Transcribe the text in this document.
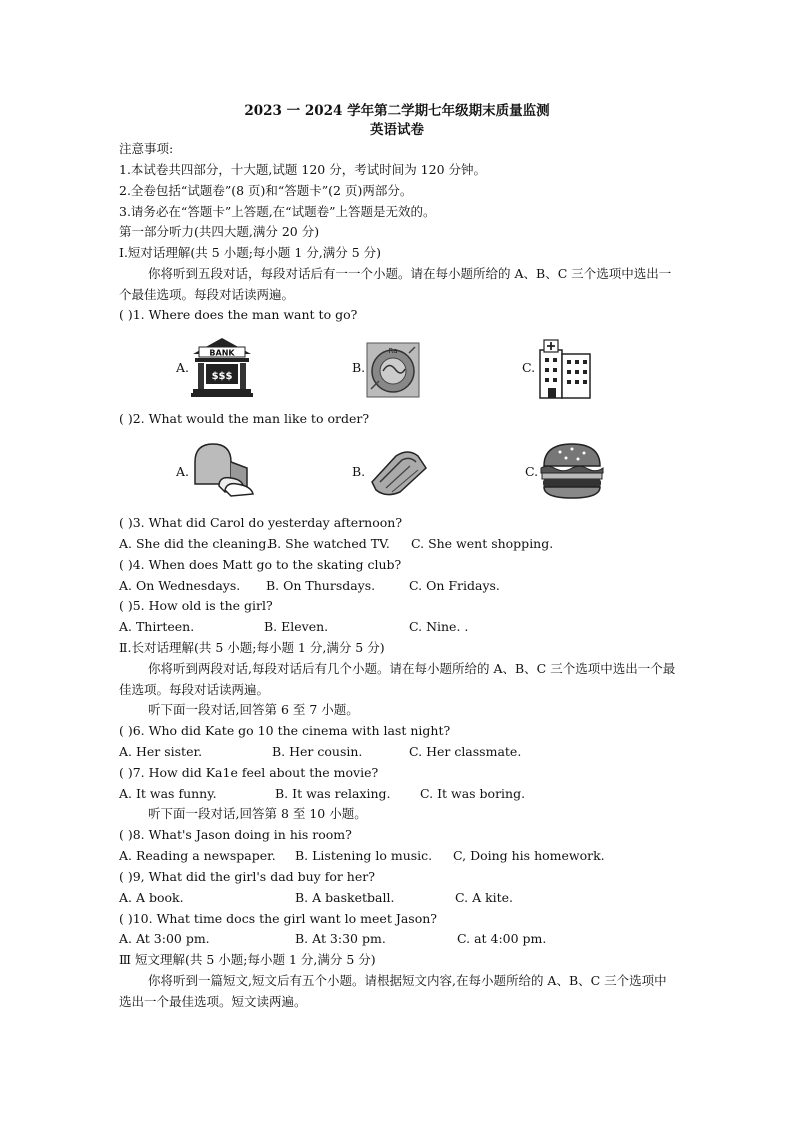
2023 一 2024 学年第二学期七年级期末质量监测
英语试卷
注意事项:
1.本试卷共四部分，十大题,试题 120 分，考试时间为 120 分钟。
2.全卷包括“试题卷”(8 页)和“答题卡”(2 页)两部分。
3.请务必在“答题卡”上答题,在“试题卷”上答题是无效的。
第一部分听力(共四大题,满分 20 分)
Ⅰ.短对话理解(共 5 小题;每小题 1 分,满分 5 分)
你将听到五段对话，每段对话后有一一个小题。请在每小题所给的 A、B、C 三个选项中选出一个最佳选项。每段对话读两遍。
( )1. Where does the man want to go?
A.
BANK
$$$
B.
Ra
C.
( )2. What would the man like to order?
A.	B.	C.
( )3. What did Carol do yesterday afternoon?
A. She did the cleaning.
B. She watched TV. C. She went shopping.
( )4. When does Matt go to the skating club?
A. On Wednesdays. B. On Thursdays.	C. On Fridays.
( )5. How old is the girl?
A. Thirteen.	B. Eleven.	C. Nine. .
Ⅱ.长对话理解(共 5 小题;每小题 1 分,满分 5 分)
你将听到两段对话,每段对话后有几个小题。请在每小题所给的 A、B、C 三个选项中选出一个最佳选项。每段对话读两遍。
听下面一段对话,回答第 6 至 7 小题。
( )6. Who did Kate go 10 the cinema with last night?
A. Her sister.	B. Her cousin.	C. Her classmate.
( )7. How did Ka1e feel about the movie?
A. It was funny.	B. It was relaxing. C. It was boring.
听下面一段对话,回答第 8 至 10 小题。
( )8. What's Jason doing in his room?
A. Reading a newspaper. B. Listening lo music. C, Doing his homework.
( )9, What did the girl's dad buy for her?
A. A book.	B. A basketball.	C. A kite.
( )10. What time docs the girl want lo meet Jason?
A. At 3:00 pm.	B. At 3:30 pm.	C. at 4:00 pm.
Ⅲ 短文理解(共 5 小题;每小题 1 分,满分 5 分)
你将听到一篇短文,短文后有五个小题。请根据短文内容,在每小题所给的 A、B、C 三个选项中选出一个最佳选项。短文读两遍。
